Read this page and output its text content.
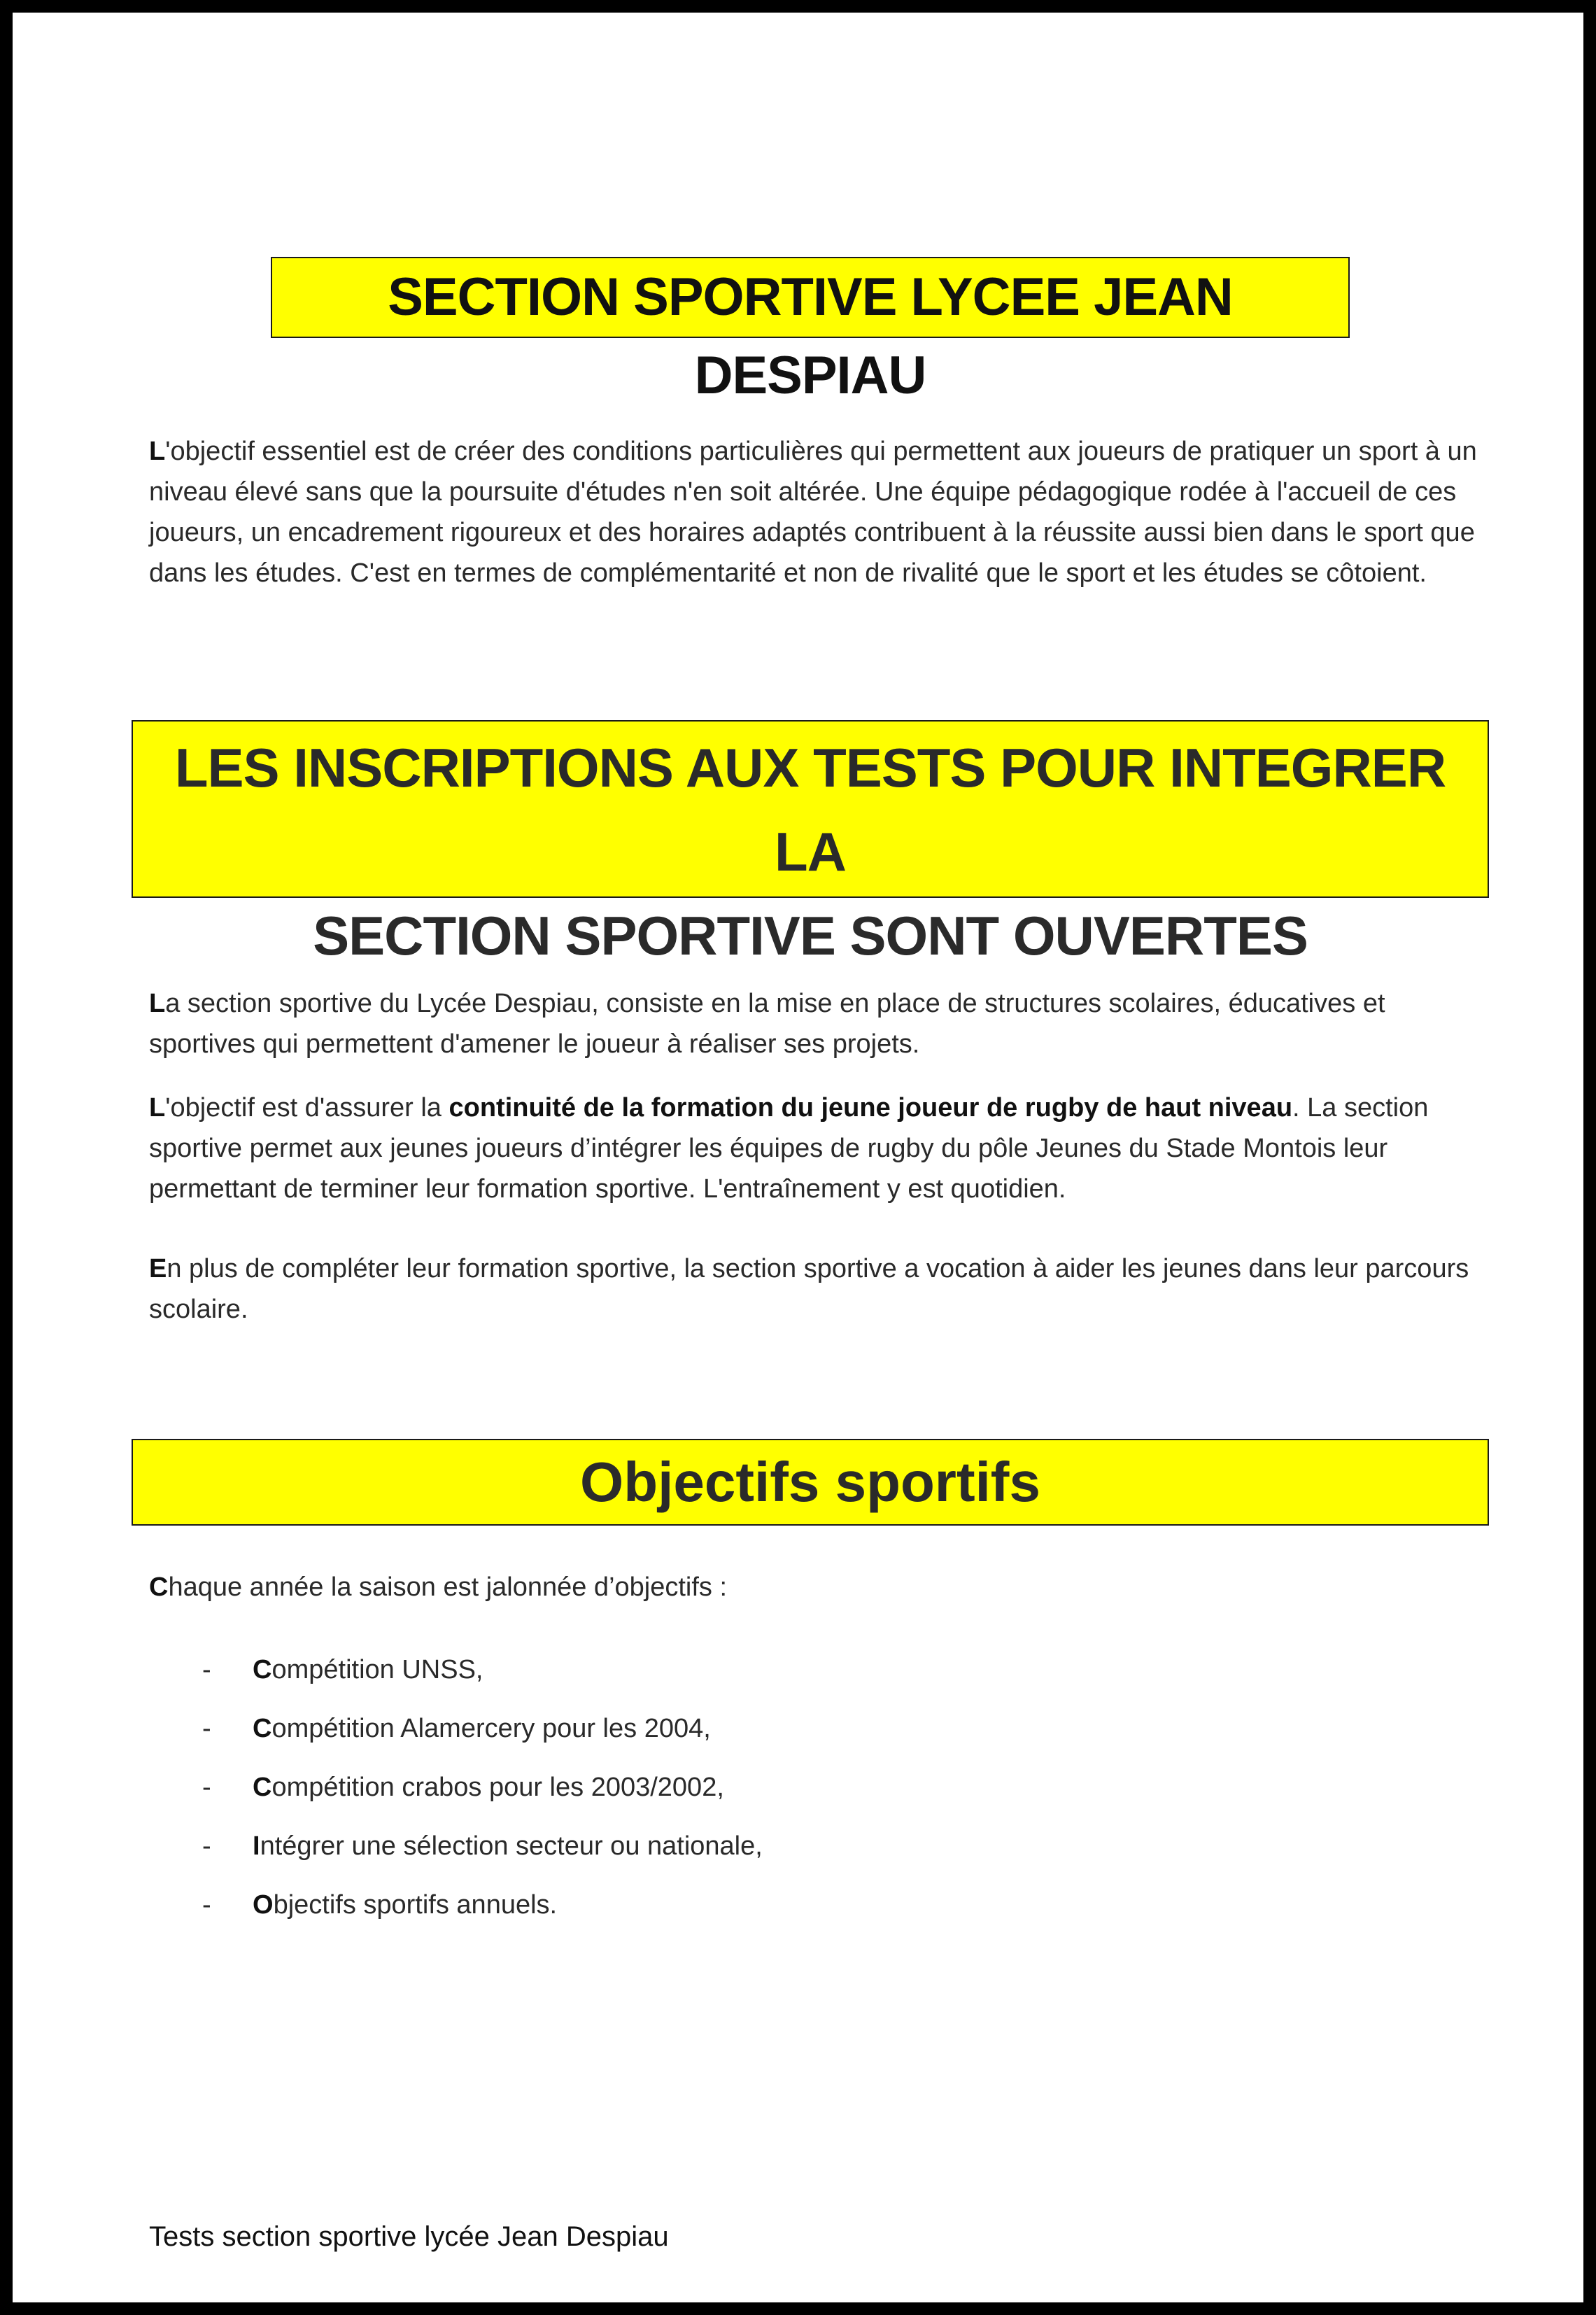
SECTION SPORTIVE LYCEE JEAN DESPIAU
L'objectif essentiel est de créer des conditions particulières qui permettent aux joueurs de pratiquer un sport à un niveau élevé sans que la poursuite d'études n'en soit altérée. Une équipe pédagogique rodée à l'accueil de ces joueurs, un encadrement rigoureux et des horaires adaptés contribuent à la réussite aussi bien dans le sport que dans les études. C'est en termes de complémentarité et non de rivalité que le sport et les études se côtoient.
LES INSCRIPTIONS AUX TESTS POUR INTEGRER LA
SECTION SPORTIVE SONT OUVERTES
La section sportive du Lycée Despiau, consiste en la mise en place de structures scolaires, éducatives et sportives qui permettent d'amener le joueur à réaliser ses projets.
L'objectif est d'assurer la continuité de la formation du jeune joueur de rugby de haut niveau. La section sportive permet aux jeunes joueurs d’intégrer les équipes de rugby du pôle Jeunes du Stade Montois leur permettant de terminer leur formation sportive. L'entraînement y est quotidien.
En plus de compléter leur formation sportive, la section sportive a vocation à aider les jeunes dans leur parcours scolaire.
Objectifs sportifs
Chaque année la saison est jalonnée d’objectifs :
- Compétition UNSS,
- Compétition Alamercery pour les 2004,
- Compétition crabos pour les 2003/2002,
- Intégrer une sélection secteur ou nationale,
- Objectifs sportifs annuels.
Tests section sportive lycée Jean Despiau
